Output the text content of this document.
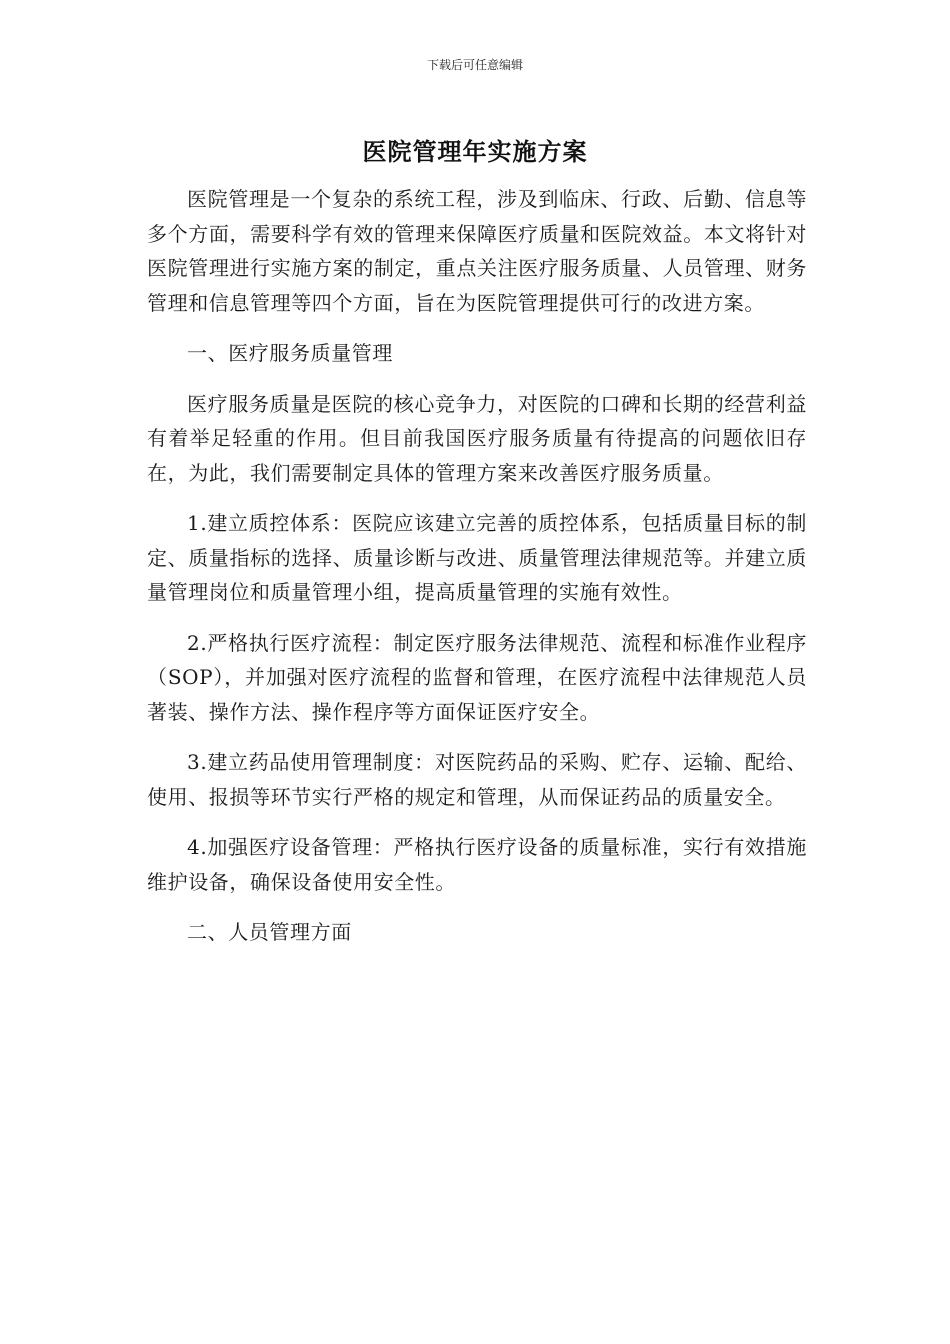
下载后可任意编辑
医院管理年实施方案

医院管理是一个复杂的系统工程，涉及到临床、行政、后勤、信息等多个方面，需要科学有效的管理来保障医疗质量和医院效益。本文将针对医院管理进行实施方案的制定，重点关注医疗服务质量、人员管理、财务管理和信息管理等四个方面，旨在为医院管理提供可行的改进方案。

一、医疗服务质量管理

医疗服务质量是医院的核心竞争力，对医院的口碑和长期的经营利益有着举足轻重的作用。但目前我国医疗服务质量有待提高的问题依旧存在，为此，我们需要制定具体的管理方案来改善医疗服务质量。

1.建立质控体系：医院应该建立完善的质控体系，包括质量目标的制定、质量指标的选择、质量诊断与改进、质量管理法律规范等。并建立质量管理岗位和质量管理小组，提高质量管理的实施有效性。

2.严格执行医疗流程：制定医疗服务法律规范、流程和标准作业程序（SOP），并加强对医疗流程的监督和管理，在医疗流程中法律规范人员著装、操作方法、操作程序等方面保证医疗安全。

3.建立药品使用管理制度：对医院药品的采购、贮存、运输、配给、使用、报损等环节实行严格的规定和管理，从而保证药品的质量安全。

4.加强医疗设备管理：严格执行医疗设备的质量标准，实行有效措施维护设备，确保设备使用安全性。

二、人员管理方面
